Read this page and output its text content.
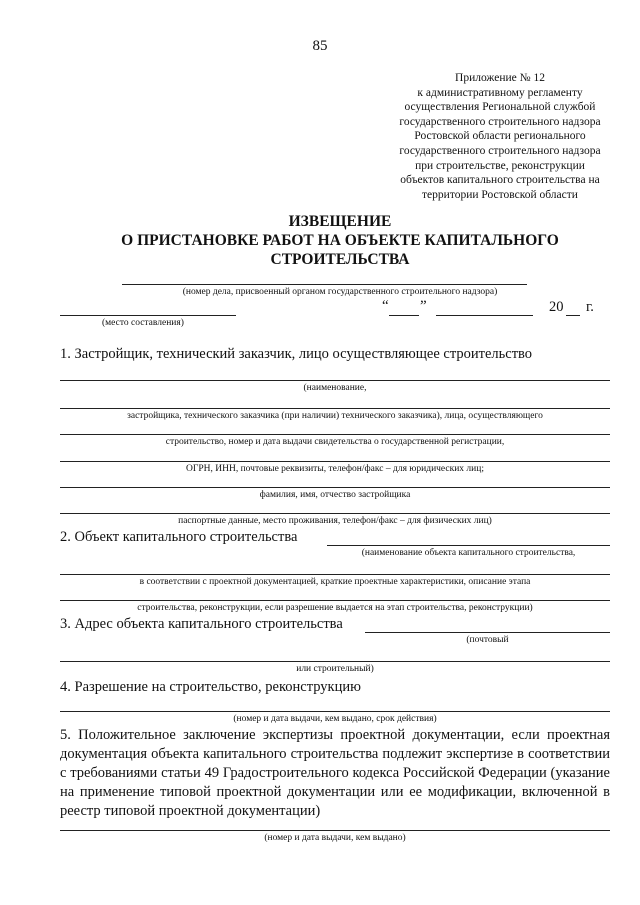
85
Приложение № 12
к административному регламенту
осуществления Региональной службой
государственного строительного надзора
Ростовской области регионального
государственного строительного надзора
при строительстве, реконструкции
объектов капитального строительства на
территории Ростовской области
ИЗВЕЩЕНИЕ
О ПРИСТАНОВКЕ РАБОТ НА ОБЪЕКТЕ КАПИТАЛЬНОГО
СТРОИТЕЛЬСТВА
(номер дела, присвоенный органом государственного строительного надзора)
“ ”	20 г.
(место составления)
1. Застройщик, технический заказчик, лицо осуществляющее строительство
(наименование,
застройщика, технического заказчика (при наличии) технического заказчика), лица, осуществляющего
строительство, номер и дата выдачи свидетельства о государственной регистрации,
ОГРН, ИНН, почтовые реквизиты, телефон/факс – для юридических лиц;
фамилия, имя, отчество застройщика
паспортные данные, место проживания, телефон/факс – для физических лиц)
2. Объект капитального строительства
(наименование объекта капитального строительства,
в соответствии с проектной документацией, краткие проектные характеристики, описание этапа
строительства, реконструкции, если разрешение выдается на этап строительства, реконструкции)
3. Адрес объекта капитального строительства
(почтовый
или строительный)
4. Разрешение на строительство, реконструкцию
(номер и дата выдачи, кем выдано, срок действия)
5. Положительное заключение экспертизы проектной документации, если проектная документация объекта капитального строительства подлежит экспертизе в соответствии с требованиями статьи 49 Градостроительного кодекса Российской Федерации (указание на применение типовой проектной документации или ее модификации, включенной в реестр типовой проектной документации)
(номер и дата выдачи, кем выдано)
